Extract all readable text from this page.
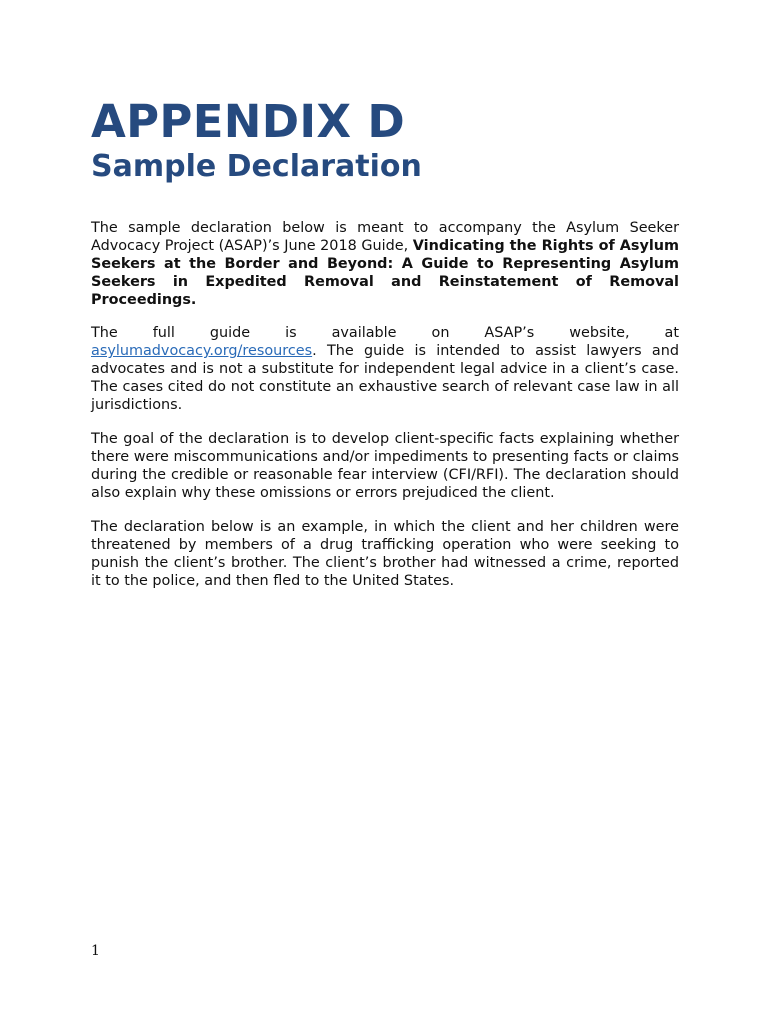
APPENDIX D
Sample Declaration

The sample declaration below is meant to accompany the Asylum Seeker Advocacy Project (ASAP)’s June 2018 Guide, Vindicating the Rights of Asylum Seekers at the Border and Beyond: A Guide to Representing Asylum Seekers in Expedited Removal and Reinstatement of Removal Proceedings.

The full guide is available on ASAP’s website, at
asylumadvocacy.org/resources. The guide is intended to assist lawyers and advocates and is not a substitute for independent legal advice in a client’s case. The cases cited do not constitute an exhaustive search of relevant case law in all jurisdictions.

The goal of the declaration is to develop client-specific facts explaining whether there were miscommunications and/or impediments to presenting facts or claims during the credible or reasonable fear interview (CFI/RFI). The declaration should also explain why these omissions or errors prejudiced the client.

The declaration below is an example, in which the client and her children were threatened by members of a drug trafficking operation who were seeking to punish the client’s brother. The client’s brother had witnessed a crime, reported it to the police, and then fled to the United States.

1
